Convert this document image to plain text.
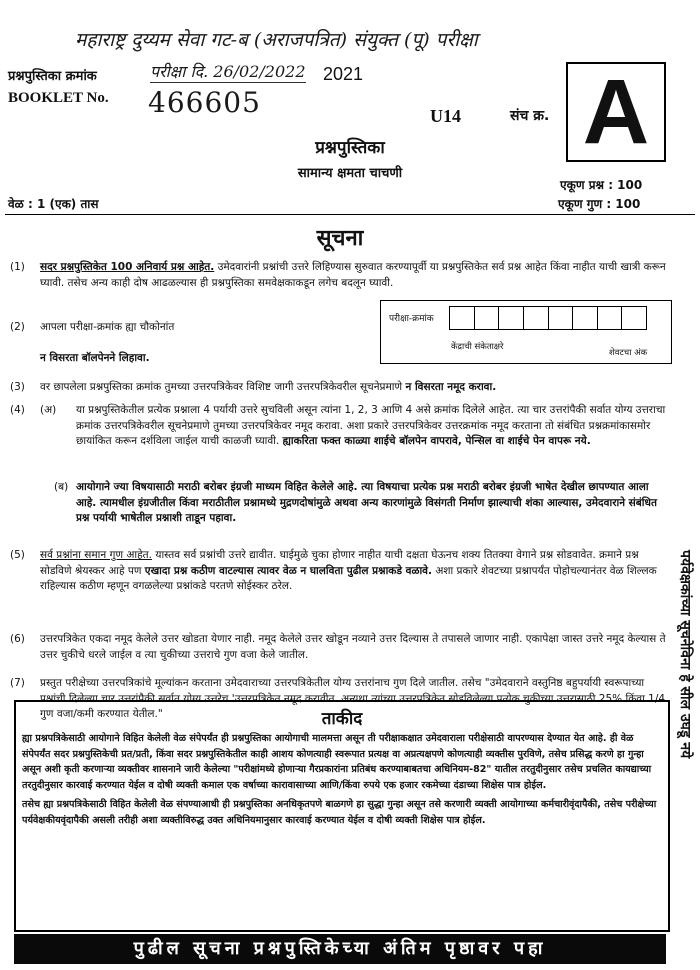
महाराष्ट्र दुय्यम सेवा गट-ब (अराजपत्रित) संयुक्त (पू) परीक्षा
प्रश्नपुस्तिका क्रमांक	परीक्षा दि. 26/02/2022 2021
BOOKLET No. 466605	U14	संच क्र. A
प्रश्नपुस्तिका
सामान्य क्षमता चाचणी
एकूण प्रश्न : 100
वेळ : 1 (एक) तास	एकूण गुण : 100
सूचना
(1)	सदर प्रश्नपुस्तिकेत 100 अनिवार्य प्रश्न आहेत. उमेदवारांनी प्रश्नांची उत्तरे लिहिण्यास सुरुवात करण्यापूर्वी या प्रश्नपुस्तिकेत सर्व प्रश्न आहेत किंवा नाहीत याची खात्री करून घ्यावी. तसेच अन्य काही दोष आढळल्यास ही प्रश्नपुस्तिका समवेक्षकाकडून लगेच बदलून घ्यावी.
(2)	आपला परीक्षा-क्रमांक ह्या चौकोनांत

न विसरता बॉलपेनने लिहावा.
परीक्षा-क्रमांक
केंद्राची संकेताक्षरे
शेवटचा अंक
(3)	वर छापलेला प्रश्नपुस्तिका क्रमांक तुमच्या उत्तरपत्रिकेवर विशिष्ट जागी उत्तरपत्रिकेवरील सूचनेप्रमाणे न विसरता नमूद करावा.
(4)	(अ) या प्रश्नपुस्तिकेतील प्रत्येक प्रश्नाला 4 पर्यायी उत्तरे सुचविली असून त्यांना 1, 2, 3 आणि 4 असे क्रमांक दिलेले आहेत. त्या चार उत्तरांपैकी सर्वात योग्य उत्तराचा क्रमांक उत्तरपत्रिकेवरील सूचनेप्रमाणे तुमच्या उत्तरपत्रिकेवर नमूद करावा. अशा प्रकारे उत्तरपत्रिकेवर उत्तरक्रमांक नमूद करताना तो संबंधित प्रश्नक्रमांकासमोर छायांकित करून दर्शविला जाईल याची काळजी घ्यावी. ह्याकरिता फक्त काळ्या शाईचे बॉलपेन वापरावे, पेन्सिल वा शाईचे पेन वापरू नये.
(ब) आयोगाने ज्या विषयासाठी मराठी बरोबर इंग्रजी माध्यम विहित केलेले आहे. त्या विषयाचा प्रत्येक प्रश्न मराठी बरोबर इंग्रजी भाषेत देखील छापण्यात आला आहे. त्यामधील इंग्रजीतील किंवा मराठीतील प्रश्नामध्ये मुद्रणदोषांमुळे अथवा अन्य कारणांमुळे विसंगती निर्माण झाल्याची शंका आल्यास, उमेदवाराने संबंधित प्रश्न पर्यायी भाषेतील प्रश्नाशी ताडून पहावा.
(5)	सर्व प्रश्नांना समान गुण आहेत. यास्तव सर्व प्रश्नांची उत्तरे द्यावीत. घाईमुळे चुका होणार नाहीत याची दक्षता घेऊनच शक्य तितक्या वेगाने प्रश्न सोडवावेत. क्रमाने प्रश्न सोडविणे श्रेयस्कर आहे पण एखादा प्रश्न कठीण वाटल्यास त्यावर वेळ न घालविता पुढील प्रश्नाकडे वळावे. अशा प्रकारे शेवटच्या प्रश्नापर्यंत पोहोचल्यानंतर वेळ शिल्लक राहिल्यास कठीण म्हणून वगळलेल्या प्रश्नांकडे परतणे सोईस्कर ठरेल.
(6)	उत्तरपत्रिकेत एकदा नमूद केलेले उत्तर खोडता येणार नाही. नमूद केलेले उत्तर खोडून नव्याने उत्तर दिल्यास ते तपासले जाणार नाही. एकापेक्षा जास्त उत्तरे नमूद केल्यास ते उत्तर चुकीचे धरले जाईल व त्या चुकीच्या उत्तराचे गुण वजा केले जातील.
(7)	प्रस्तुत परीक्षेच्या उत्तरपत्रिकांचे मूल्यांकन करताना उमेदवाराच्या उत्तरपत्रिकेतील योग्य उत्तरांनाच गुण दिले जातील. तसेच "उमेदवाराने वस्तुनिष्ठ बहुपर्यायी स्वरूपाच्या प्रश्नांची दिलेल्या चार उत्तरांपैकी सर्वात योग्य उत्तरेच 'उत्तरपत्रिकेत नमूद करावीत. अन्यथा त्यांच्या उत्तरपत्रिकेत सोडविलेल्या प्रत्येक चुकीच्या उत्तरासाठी 25% किंवा 1/4 गुण वजा/कमी करण्यात येतील."	ताकीद
ह्या प्रश्नपत्रिकेसाठी आयोगाने विहित केलेली वेळ संपेपर्यंत ही प्रश्नपुस्तिका आयोगाची मालमत्ता असून ती परीक्षाकक्षात उमेदवाराला परीक्षेसाठी वापरण्यास देण्यात येत आहे. ही वेळ संपेपर्यंत सदर प्रश्नपुस्तिकेची प्रत/प्रती, किंवा सदर प्रश्नपुस्तिकेतील काही आशय कोणत्याही स्वरूपात प्रत्यक्ष वा अप्रत्यक्षपणे कोणत्याही व्यक्तीस पुरविणे, तसेच प्रसिद्ध करणे हा गुन्हा असून अशी कृती करणाऱ्या व्यक्तीवर शासनाने जारी केलेल्या "परीक्षांमध्ये होणाऱ्या गैरप्रकारांना प्रतिबंध करण्याबाबतचा अधिनियम-82" यातील तरतुदीनुसार तसेच प्रचलित कायद्याच्या तरतुदीनुसार कारवाई करण्यात येईल व दोषी व्यक्ती कमाल एक वर्षाच्या कारावासाच्या आणि/किंवा रुपये एक हजार रकमेच्या दंडाच्या शिक्षेस पात्र होईल.
तसेच ह्या प्रश्नपत्रिकेसाठी विहित केलेली वेळ संपण्याआधी ही प्रश्नपुस्तिका अनधिकृतपणे बाळगणे हा सुद्धा गुन्हा असून तसे करणारी व्यक्ती आयोगाच्या कर्मचारीवृंदापैकी, तसेच परीक्षेच्या पर्यवेक्षकीयवृंदापैकी असली तरीही अशा व्यक्तीविरुद्ध उक्त अधिनियमानुसार कारवाई करण्यात येईल व दोषी व्यक्ती शिक्षेस पात्र होईल.
पर्यवेक्षकांच्या सूचनेविना हे सील उघडू नये
पुढील सूचना प्रश्नपुस्तिकेच्या अंतिम पृष्ठावर पहा
